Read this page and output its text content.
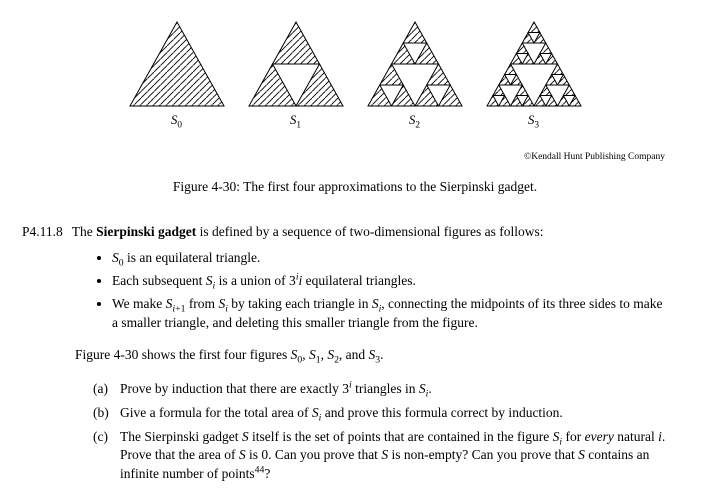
$S_0$	$S_1$	$S_2$	$S_3$
©Kendall Hunt Publishing Company
Figure 4-30: The first four approximations to the Sierpinski gadget.
P4.11.8 The Sierpinski gadget is defined by a sequence of two-dimensional figures as follows:
• $S_0$ is an equilateral triangle.
• Each subsequent $S_i$ is a union of 3$^i$i equilateral triangles.
• We make $S_{i+1}$ from $S_i$ by taking each triangle in $S_i$, connecting the midpoints of its three sides to make a smaller triangle, and deleting this smaller triangle from the figure.
Figure 4-30 shows the first four figures $S_0$, $S_1$, $S_2$, and $S_3$.
(a) Prove by induction that there are exactly 3$^i$ triangles in $S_i$.
(b) Give a formula for the total area of $S_i$ and prove this formula correct by induction.
(c) The Sierpinski gadget S itself is the set of points that are contained in the figure $S_i$ for every natural i. Prove that the area of S is 0. Can you prove that S is non-empty? Can you prove that S contains an infinite number of points$^{44}$?
